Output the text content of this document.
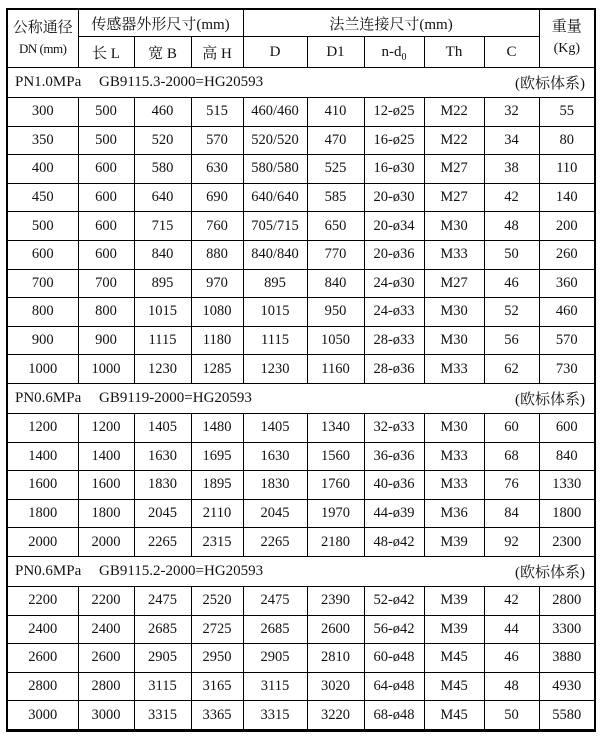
公称通径
DN (mm)	传感器外形尺寸(mm)			法兰连接尺寸(mm)					重量
(Kg)

	长 L	宽 B	高 H	D	D1	$n-d_0$	Th	C	

PN1.0MPa GB9115.3-2000=HG20593 (欧标体系)									

300	500	460	515	460/460	410	12-ø25	M22	32	55
350	500	520	570	520/520	470	16-ø25	M22	34	80
400	600	580	630	580/580	525	16-ø30	M27	38	110
450	600	640	690	640/640	585	20-ø30	M27	42	140
500	600	715	760	705/715	650	20-ø34	M30	48	200
600	600	840	880	840/840	770	20-ø36	M33	50	260
700	700	895	970	895	840	24-ø30	M27	46	360
800	800	1015	1080	1015	950	24-ø33	M30	52	460
900	900	1115	1180	1115	1050	28-ø33	M30	56	570
1000	1000	1230	1285	1230	1160	28-ø36	M33	62	730

PN0.6MPa GB9119-2000=HG20593 (欧标体系)									

1200	1200	1405	1480	1405	1340	32-ø33	M30	60	600
1400	1400	1630	1695	1630	1560	36-ø36	M33	68	840
1600	1600	1830	1895	1830	1760	40-ø36	M33	76	1330
1800	1800	2045	2110	2045	1970	44-ø39	M36	84	1800
2000	2000	2265	2315	2265	2180	48-ø42	M39	92	2300

PN0.6MPa GB9115.2-2000=HG20593 (欧标体系)									

2200	2200	2475	2520	2475	2390	52-ø42	M39	42	2800
2400	2400	2685	2725	2685	2600	56-ø42	M39	44	3300
2600	2600	2905	2950	2905	2810	60-ø48	M45	46	3880
2800	2800	3115	3165	3115	3020	64-ø48	M45	48	4930
3000	3000	3315	3365	3315	3220	68-ø48	M45	50	5580
